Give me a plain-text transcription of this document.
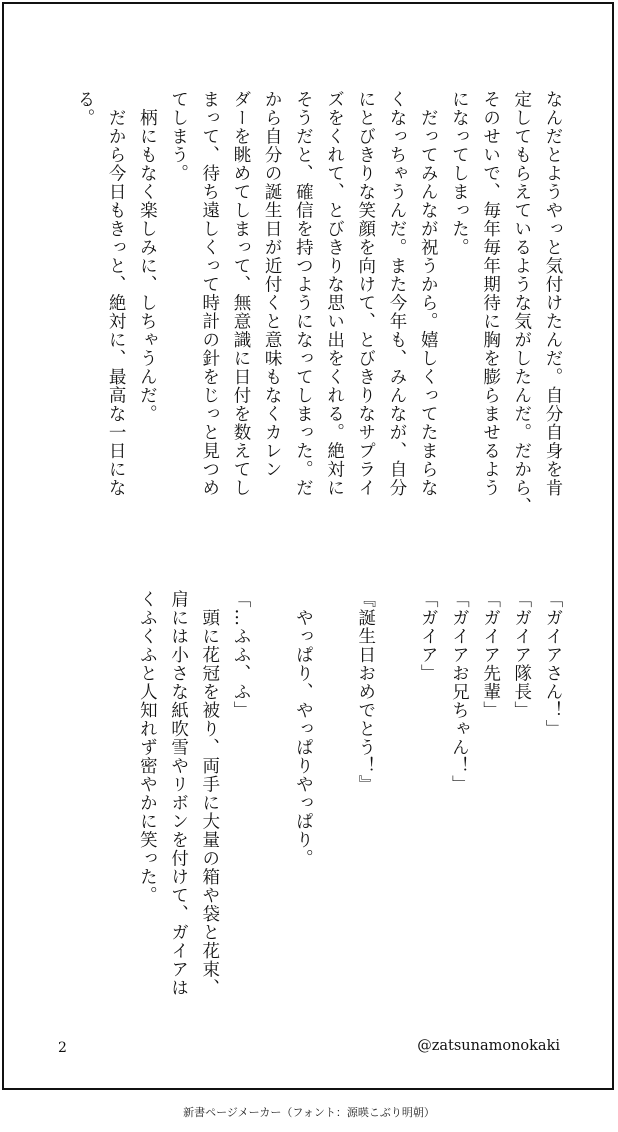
なんだとようやっと気付けたんだ。自分自身を肯
定してもらえているような気がしたんだ。だから、
そのせいで、毎年毎年期待に胸を膨らませるよう
になってしまった。
　だってみんなが祝うから。嬉しくってたまらな
くなっちゃうんだ。また今年も、みんなが、自分
にとびきりな笑顔を向けて、とびきりなサプライ
ズをくれて、とびきりな思い出をくれる。絶対に
そうだと、確信を持つようになってしまった。だ
から自分の誕生日が近付くと意味もなくカレン
ダーを眺めてしまって、無意識に日付を数えてし
まって、待ち遠しくって時計の針をじっと見つめ
てしまう。
　柄にもなく楽しみに、しちゃうんだ。
　だから今日もきっと、絶対に、最高な一日にな
る。
「ガイアさん！」
「ガイア隊長」
「ガイア先輩」
「ガイアお兄ちゃん！」
「ガイア」

『誕生日おめでとう！』

　やっぱり、やっぱりやっぱり。

「…ふふ、ふ」
　頭に花冠を被り、両手に大量の箱や袋と花束、
肩には小さな紙吹雪やリボンを付けて、ガイアは
くふくふと人知れず密やかに笑った。
2	@zatsunamonokaki
新書ページメーカー（フォント：源暎こぶり明朝）
